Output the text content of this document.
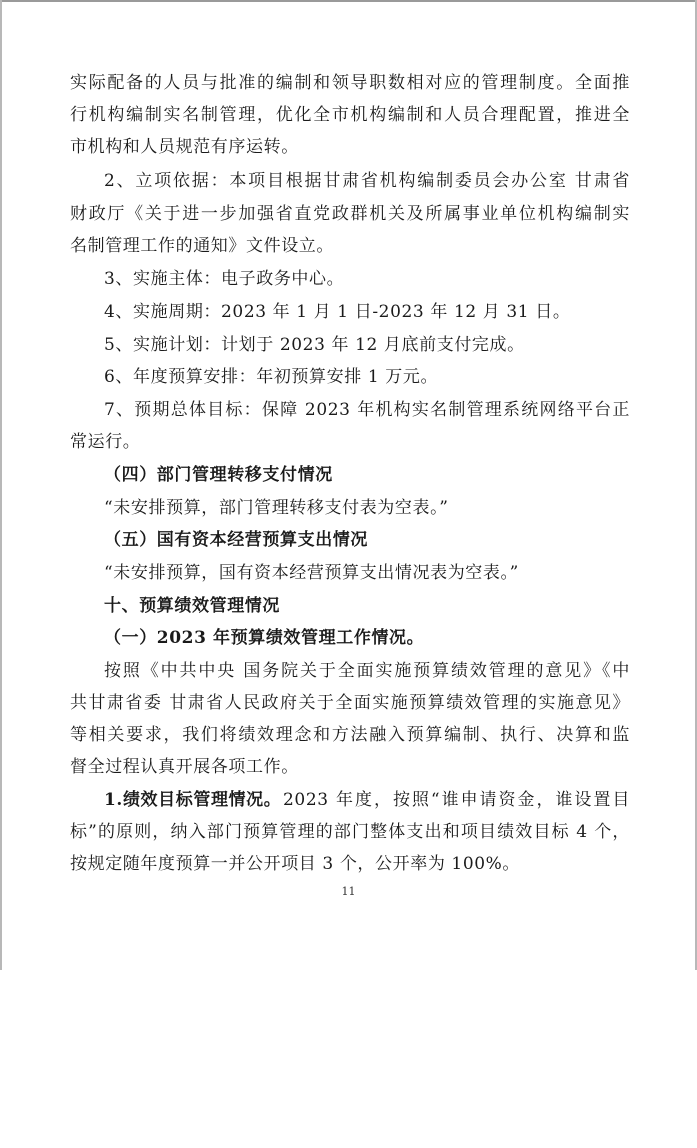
实际配备的人员与批准的编制和领导职数相对应的管理制度。全面推
行机构编制实名制管理，优化全市机构编制和人员合理配置，推进全
市机构和人员规范有序运转。
2、立项依据：本项目根据甘肃省机构编制委员会办公室 甘肃省
财政厅《关于进一步加强省直党政群机关及所属事业单位机构编制实
名制管理工作的通知》文件设立。
3、实施主体：电子政务中心。
4、实施周期：2023 年 1 月 1 日-2023 年 12 月 31 日。
5、实施计划：计划于 2023 年 12 月底前支付完成。
6、年度预算安排：年初预算安排 1 万元。
7、预期总体目标：保障 2023 年机构实名制管理系统网络平台正
常运行。
（四）部门管理转移支付情况
“未安排预算，部门管理转移支付表为空表。”
（五）国有资本经营预算支出情况
“未安排预算，国有资本经营预算支出情况表为空表。”
十、预算绩效管理情况
（一）2023 年预算绩效管理工作情况。
按照《中共中央 国务院关于全面实施预算绩效管理的意见》《中
共甘肃省委 甘肃省人民政府关于全面实施预算绩效管理的实施意见》
等相关要求，我们将绩效理念和方法融入预算编制、执行、决算和监
督全过程认真开展各项工作。
1.绩效目标管理情况。 2023 年度，按照“谁申请资金，谁设置目
标”的原则，纳入部门预算管理的部门整体支出和项目绩效目标 4 个，
按规定随年度预算一并公开项目 3 个，公开率为 100%。
11
